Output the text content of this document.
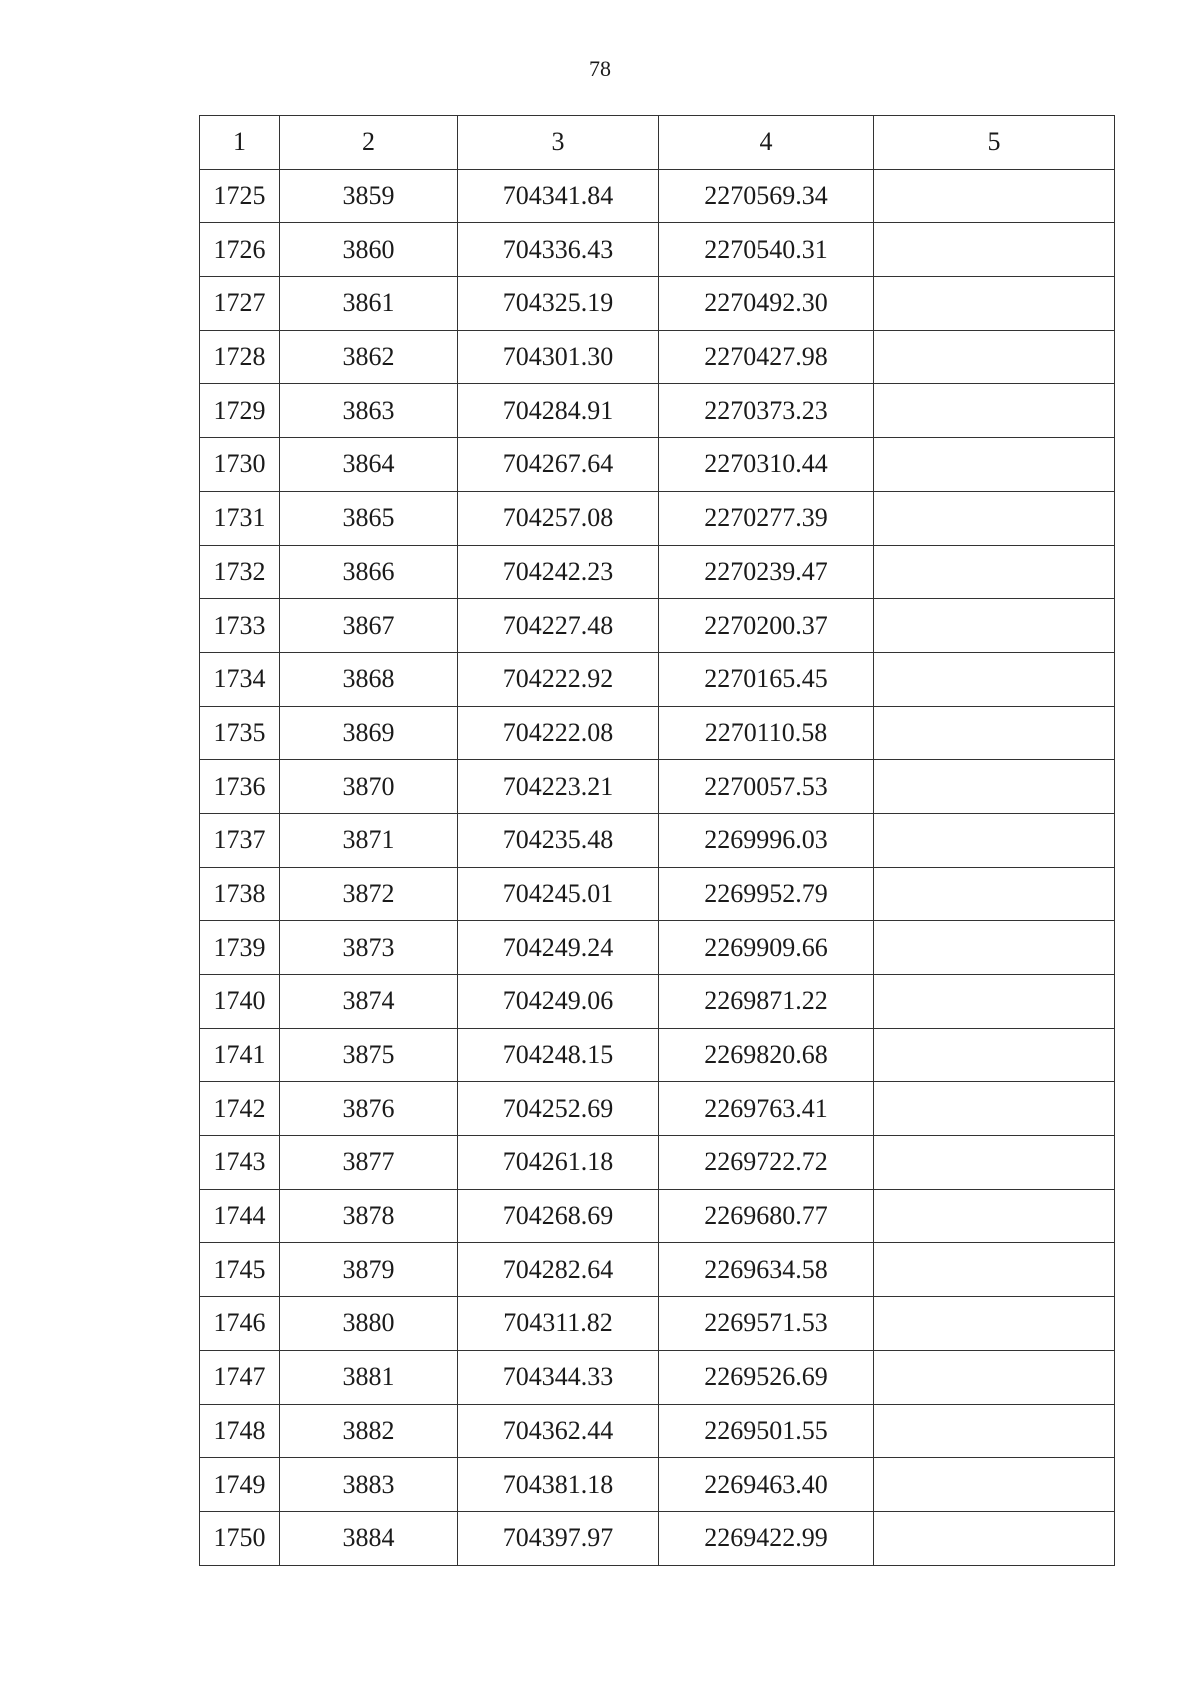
78
1	2	3	4	5
1725	3859	704341.84	2270569.34	
1726	3860	704336.43	2270540.31	
1727	3861	704325.19	2270492.30	
1728	3862	704301.30	2270427.98	
1729	3863	704284.91	2270373.23	
1730	3864	704267.64	2270310.44	
1731	3865	704257.08	2270277.39	
1732	3866	704242.23	2270239.47	
1733	3867	704227.48	2270200.37	
1734	3868	704222.92	2270165.45	
1735	3869	704222.08	2270110.58	
1736	3870	704223.21	2270057.53	
1737	3871	704235.48	2269996.03	
1738	3872	704245.01	2269952.79	
1739	3873	704249.24	2269909.66	
1740	3874	704249.06	2269871.22	
1741	3875	704248.15	2269820.68	
1742	3876	704252.69	2269763.41	
1743	3877	704261.18	2269722.72	
1744	3878	704268.69	2269680.77	
1745	3879	704282.64	2269634.58	
1746	3880	704311.82	2269571.53	
1747	3881	704344.33	2269526.69	
1748	3882	704362.44	2269501.55	
1749	3883	704381.18	2269463.40	
1750	3884	704397.97	2269422.99	
